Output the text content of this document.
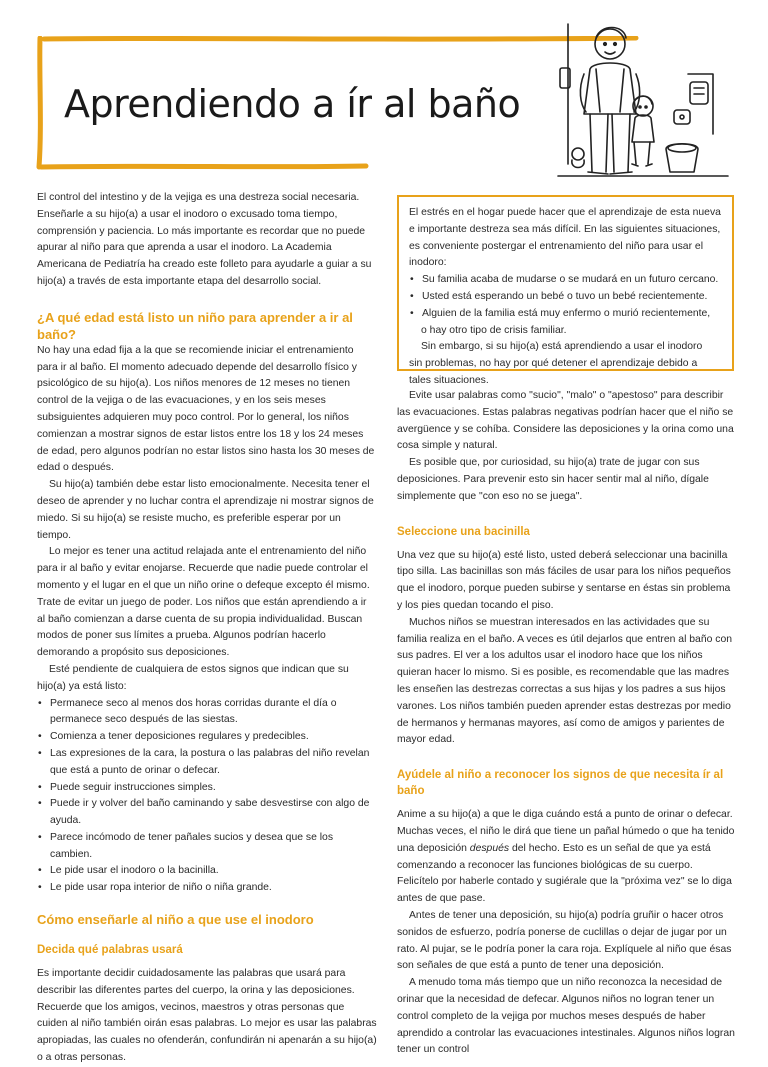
Aprendiendo a ír al baño

El control del intestino y de la vejiga es una destreza social necesaria. Enseñarle a su hijo(a) a usar el inodoro o excusado toma tiempo, comprensión y paciencia. Lo más importante es recordar que no puede apurar al niño para que aprenda a usar el inodoro. La Academia Americana de Pediatría ha creado este folleto para ayudarle a guiar a su hijo(a) a través de esta importante etapa del desarrollo social.

¿A qué edad está listo un niño para aprender a ir al baño?

No hay una edad fija a la que se recomiende iniciar el entrenamiento para ir al baño. El momento adecuado depende del desarrollo físico y psicológico de su hijo(a). Los niños menores de 12 meses no tienen control de la vejiga o de las evacuaciones, y en los seis meses subsiguientes adquieren muy poco control. Por lo general, los niños comienzan a mostrar signos de estar listos entre los 18 y los 24 meses de edad, pero algunos podrían no estar listos sino hasta los 30 meses de edad o después.

Su hijo(a) también debe estar listo emocionalmente. Necesita tener el deseo de aprender y no luchar contra el aprendizaje ni mostrar signos de miedo. Si su hijo(a) se resiste mucho, es preferible esperar por un tiempo.

Lo mejor es tener una actitud relajada ante el entrenamiento del niño para ir al baño y evitar enojarse. Recuerde que nadie puede controlar el momento y el lugar en el que un niño orine o defeque excepto él mismo. Trate de evitar un juego de poder. Los niños que están aprendiendo a ir al baño comienzan a darse cuenta de su propia individualidad. Buscan modos de poner sus límites a prueba. Algunos podrían hacerlo demorando a propósito sus deposiciones.

Esté pendiente de cualquiera de estos signos que indican que su hijo(a) ya está listo:

• Permanece seco al menos dos horas corridas durante el día o permanece seco después de las siestas.
• Comienza a tener deposiciones regulares y predecibles.
• Las expresiones de la cara, la postura o las palabras del niño revelan que está a punto de orinar o defecar.
• Puede seguir instrucciones simples.
• Puede ir y volver del baño caminando y sabe desvestirse con algo de ayuda.
• Parece incómodo de tener pañales sucios y desea que se los cambien.
• Le pide usar el inodoro o la bacinilla.
• Le pide usar ropa interior de niño o niña grande.

Cómo enseñarle al niño a que use el inodoro

Decida qué palabras usará

Es importante decidir cuidadosamente las palabras que usará para describir las diferentes partes del cuerpo, la orina y las deposiciones. Recuerde que los amigos, vecinos, maestros y otras personas que cuiden al niño también oirán esas palabras. Lo mejor es usar las palabras apropiadas, las cuales no ofenderán, confundirán ni apenarán a su hijo(a) o a otras personas.

El estrés en el hogar puede hacer que el aprendizaje de esta nueva e importante destreza sea más difícil. En las siguientes situaciones, es conveniente postergar el entrenamiento del niño para usar el inodoro:

• Su familia acaba de mudarse o se mudará en un futuro cercano.
• Usted está esperando un bebé o tuvo un bebé recientemente.
• Alguien de la familia está muy enfermo o murió recientemente,

o hay otro tipo de crisis familiar.

Sin embargo, si su hijo(a) está aprendiendo a usar el inodoro

sin problemas, no hay por qué detener el aprendizaje debido a

tales situaciones.

Evite usar palabras como "sucio", "malo" o "apestoso" para describir las evacuaciones. Estas palabras negativas podrían hacer que el niño se avergüence y se cohíba. Considere las deposiciones y la orina como una cosa simple y natural.

Es posible que, por curiosidad, su hijo(a) trate de jugar con sus deposiciones. Para prevenir esto sin hacer sentir mal al niño, dígale simplemente que "con eso no se juega".

Seleccione una bacinilla

Una vez que su hijo(a) esté listo, usted deberá seleccionar una bacinilla tipo silla. Las bacinillas son más fáciles de usar para los niños pequeños que el inodoro, porque pueden subirse y sentarse en éstas sin problema y los pies quedan tocando el piso.

Muchos niños se muestran interesados en las actividades que su familia realiza en el baño. A veces es útil dejarlos que entren al baño con sus padres. El ver a los adultos usar el inodoro hace que los niños quieran hacer lo mismo. Si es posible, es recomendable que las madres les enseñen las destrezas correctas a sus hijas y los padres a sus hijos varones. Los niños también pueden aprender estas destrezas por medio de hermanos y hermanas mayores, así como de amigos y parientes de mayor edad.

Ayúdele al niño a reconocer los signos de que necesita ír al baño

Anime a su hijo(a) a que le diga cuándo está a punto de orinar o defecar. Muchas veces, el niño le dirá que tiene un pañal húmedo o que ha tenido una deposición después del hecho. Esto es un señal de que ya está comenzando a reconocer las funciones biológicas de su cuerpo. Felicítelo por haberle contado y sugiérale que la "próxima vez" se lo diga antes de que pase.

Antes de tener una deposición, su hijo(a) podría gruñir o hacer otros sonidos de esfuerzo, podría ponerse de cuclillas o dejar de jugar por un rato. Al pujar, se le podría poner la cara roja. Explíquele al niño que ésas son señales de que está a punto de tener una deposición.

A menudo toma más tiempo que un niño reconozca la necesidad de orinar que la necesidad de defecar. Algunos niños no logran tener un control completo de la vejiga por muchos meses después de haber aprendido a controlar las evacuaciones intestinales. Algunos niños logran tener un control
